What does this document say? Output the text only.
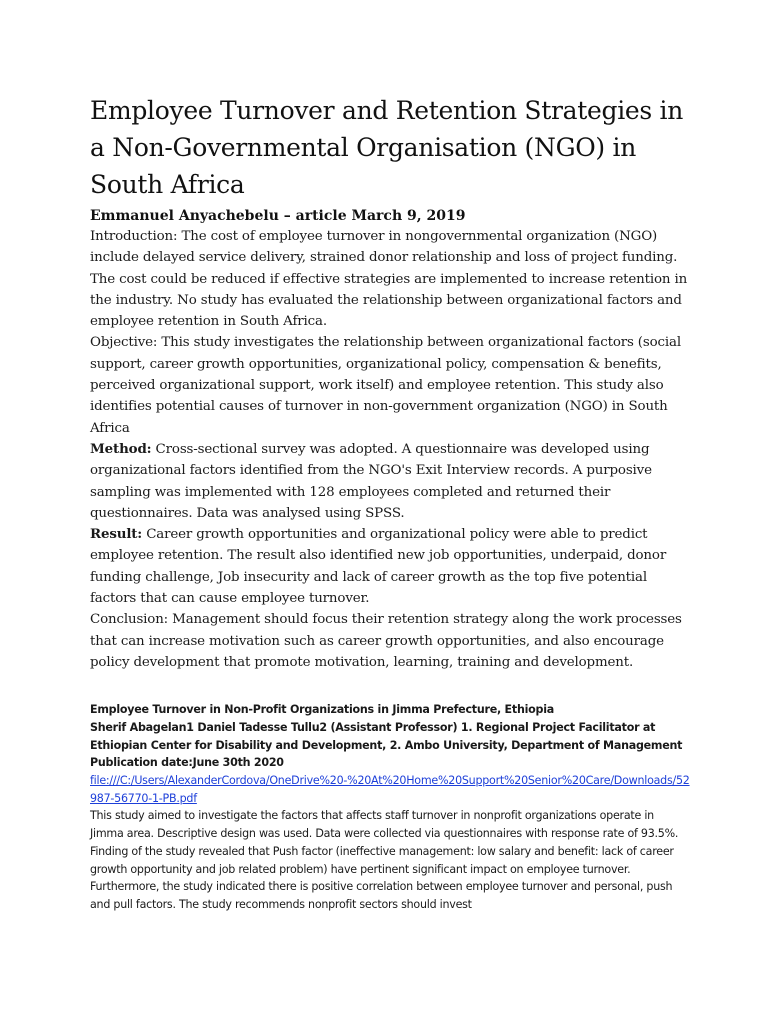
Employee Turnover and Retention Strategies in a Non-Governmental Organisation (NGO) in South Africa

Emmanuel Anyachebelu – article March 9, 2019

Introduction: The cost of employee turnover in nongovernmental organization (NGO) include delayed service delivery, strained donor relationship and loss of project funding. The cost could be reduced if effective strategies are implemented to increase retention in the industry. No study has evaluated the relationship between organizational factors and employee retention in South Africa.

Objective: This study investigates the relationship between organizational factors (social support, career growth opportunities, organizational policy, compensation & benefits, perceived organizational support, work itself) and employee retention. This study also identifies potential causes of turnover in non-government organization (NGO) in South Africa

Method: Cross-sectional survey was adopted. A questionnaire was developed using organizational factors identified from the NGO's Exit Interview records. A purposive sampling was implemented with 128 employees completed and returned their questionnaires. Data was analysed using SPSS.

Result: Career growth opportunities and organizational policy were able to predict employee retention. The result also identified new job opportunities, underpaid, donor funding challenge, Job insecurity and lack of career growth as the top five potential factors that can cause employee turnover.

Conclusion: Management should focus their retention strategy along the work processes that can increase motivation such as career growth opportunities, and also encourage policy development that promote motivation, learning, training and development.

Employee Turnover in Non-Profit Organizations in Jimma Prefecture, Ethiopia

Sherif Abagelan1 Daniel Tadesse Tullu2 (Assistant Professor) 1. Regional Project Facilitator at Ethiopian Center for Disability and Development, 2. Ambo University, Department of Management

Publication date:June 30th 2020

file:///C:/Users/AlexanderCordova/OneDrive%20-%20At%20Home%20Support%20Senior%20Care/Downloads/52987-56770-1-PB.pdf

This study aimed to investigate the factors that affects staff turnover in nonprofit organizations operate in Jimma area. Descriptive design was used. Data were collected via questionnaires with response rate of 93.5%. Finding of the study revealed that Push factor (ineffective management: low salary and benefit: lack of career growth opportunity and job related problem) have pertinent significant impact on employee turnover. Furthermore, the study indicated there is positive correlation between employee turnover and personal, push and pull factors. The study recommends nonprofit sectors should invest
